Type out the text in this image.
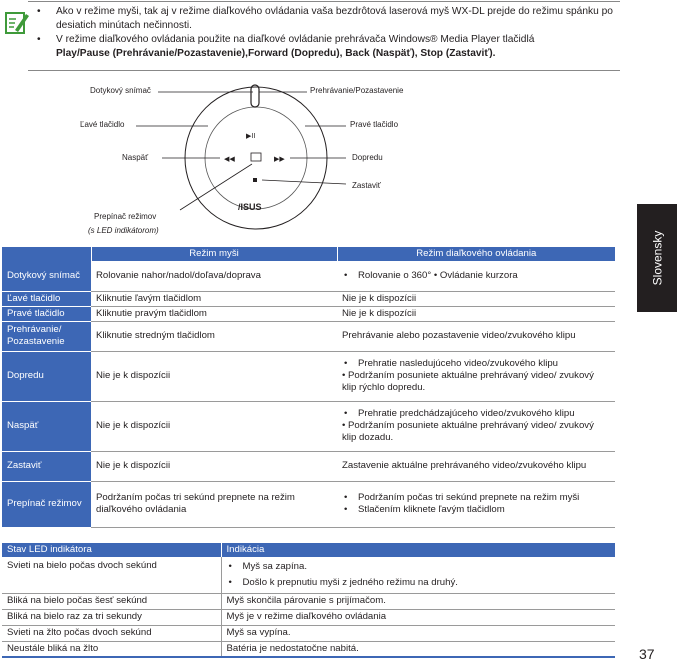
• Ako v režime myši, tak aj v režime diaľkového ovládania vaša bezdrôtová laserová myš WX-DL prejde do režimu spánku po desiatich minútach nečinnosti.
• V režime diaľkového ovládania použite na diaľkové ovládanie prehrávača Windows® Media Player tlačidlá
Play/Pause (Prehrávanie/Pozastavenie),Forward (Dopredu), Back (Naspäť), Stop (Zastaviť).
▶II
◀◀	▶▶
/ISUS
Dotykový snímač	Prehrávanie/Pozastavenie
Ľavé tlačidlo	Pravé tlačidlo
Naspäť	Dopredu
Zastaviť
Prepínač režimov
(s LED indikátorom)
Slovensky
	Režim myši	Režim diaľkového ovládania
Dotykový snímač	Rolovanie nahor/nadol/doľava/doprava	• Rolovanie o 360° • Ovládanie kurzora

Ľavé tlačidlo	Kliknutie ľavým tlačidlom	Nie je k dispozícii
Pravé tlačidlo	Kliknutie pravým tlačidlom	Nie je k dispozícii
Prehrávanie/ Pozastavenie	Kliknutie stredným tlačidlom	Prehrávanie alebo pozastavenie video/zvukového klipu
Dopredu	Nie je k dispozícii	• Prehratie nasledujúceho video/zvukového klipu
• Podržaním posuniete aktuálne prehrávaný video/ zvukový klip rýchlo dopredu.

Naspäť	Nie je k dispozícii	• Prehratie predchádzajúceho video/zvukového klipu
• Podržaním posuniete aktuálne prehrávaný video/ zvukový klip dozadu.

Zastaviť	Nie je k dispozícii	Zastavenie aktuálne prehrávaného video/zvukového klipu
Prepínač režimov	Podržaním počas tri sekúnd prepnete na režim diaľkového ovládania	• Podržaním počas tri sekúnd prepnete na režim myši
• Stlačením kliknete ľavým tlačidlom
Stav LED indikátora	Indikácia
Svieti na bielo počas dvoch sekúnd	• Myš sa zapína.
• Došlo k prepnutiu myši z jedného režimu na druhý.

Bliká na bielo počas šesť sekúnd	Myš skončila párovanie s prijímačom.
Bliká na bielo raz za tri sekundy	Myš je v režime diaľkového ovládania
Svieti na žlto počas dvoch sekúnd	Myš sa vypína.
Neustále bliká na žlto	Batéria je nedostatočne nabitá.	37
